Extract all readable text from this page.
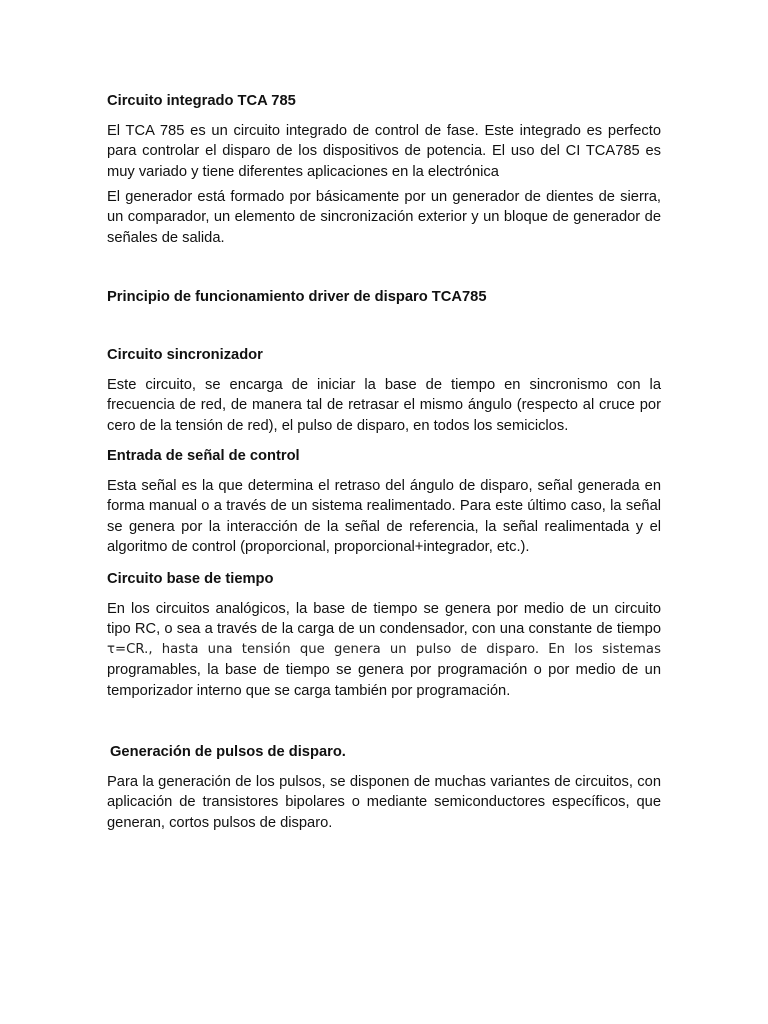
Circuito integrado TCA 785

El TCA 785 es un circuito integrado de control de fase. Este integrado es perfecto para controlar el disparo de los dispositivos de potencia. El uso del CI TCA785 es muy variado y tiene diferentes aplicaciones en la electrónica

El generador está formado por básicamente por un generador de dientes de sierra, un comparador, un elemento de sincronización exterior y un bloque de generador de señales de salida.

Principio de funcionamiento driver de disparo TCA785
Circuito sincronizador

Este circuito, se encarga de iniciar la base de tiempo en sincronismo con la frecuencia de red, de manera tal de retrasar el mismo ángulo (respecto al cruce por cero de la tensión de red), el pulso de disparo, en todos los semiciclos.

Entrada de señal de control

Esta señal es la que determina el retraso del ángulo de disparo, señal generada en forma manual o a través de un sistema realimentado. Para este último caso, la señal se genera por la interacción de la señal de referencia, la señal realimentada y el algoritmo de control (proporcional, proporcional+integrador, etc.).

Circuito base de tiempo
En los circuitos analógicos, la base de tiempo se genera por medio de un circuito tipo RC, o sea a través de la carga de un condensador, con una constante de tiempo
τ=CR., hasta una tensión que genera un pulso de disparo. En los sistemas
programables, la base de tiempo se genera por programación o por medio de un temporizador interno que se carga también por programación.
Generación de pulsos de disparo.

Para la generación de los pulsos, se disponen de muchas variantes de circuitos, con aplicación de transistores bipolares o mediante semiconductores específicos, que generan, cortos pulsos de disparo.
